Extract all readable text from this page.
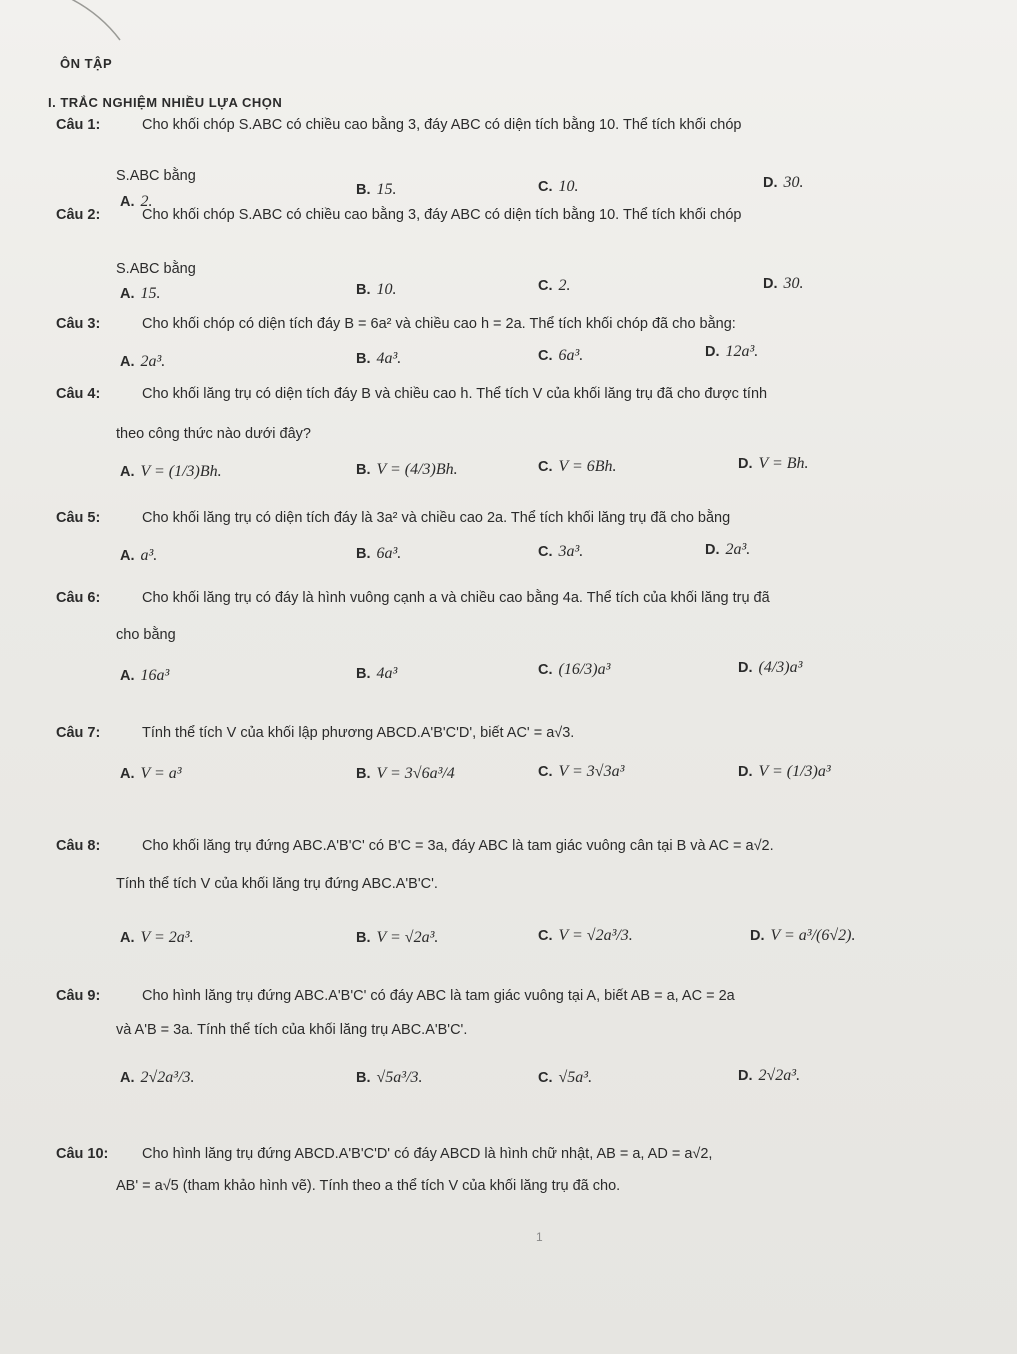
ÔN TẬP
I. TRẮC NGHIỆM NHIỀU LỰA CHỌN
Câu 1:	Cho khối chóp S.ABC có chiều cao bằng 3, đáy ABC có diện tích bằng 10. Thể tích khối chóp
S.ABC bằng
A. 2.
B. 15.	C. 10.	D. 30.
Câu 2:	Cho khối chóp S.ABC có chiều cao bằng 3, đáy ABC có diện tích bằng 10. Thể tích khối chóp
S.ABC bằng
A. 15.	B. 10.	C. 2.	D. 30.
Câu 3:	Cho khối chóp có diện tích đáy B = 6a² và chiều cao h = 2a. Thể tích khối chóp đã cho bằng:
A. 2a³.	B. 4a³.	C. 6a³.	D. 12a³.
Câu 4:	Cho khối lăng trụ có diện tích đáy B và chiều cao h. Thể tích V của khối lăng trụ đã cho được tính
theo công thức nào dưới đây?
A. V = (1/3)Bh.	B. V = (4/3)Bh.	C. V = 6Bh.	D. V = Bh.
Câu 5:	Cho khối lăng trụ có diện tích đáy là 3a² và chiều cao 2a. Thể tích khối lăng trụ đã cho bằng
A. a³.	B. 6a³.	C. 3a³.	D. 2a³.
Câu 6:	Cho khối lăng trụ có đáy là hình vuông cạnh a và chiều cao bằng 4a. Thể tích của khối lăng trụ đã
cho bằng
A. 16a³	B. 4a³	C. (16/3)a³	D. (4/3)a³
Câu 7:	Tính thể tích V của khối lập phương ABCD.A'B'C'D', biết AC' = a√3.
A. V = a³	B. V = 3√6a³/4	C. V = 3√3a³	D. V = (1/3)a³
Câu 8:	Cho khối lăng trụ đứng ABC.A'B'C' có B'C = 3a, đáy ABC là tam giác vuông cân tại B và AC = a√2.
Tính thể tích V của khối lăng trụ đứng ABC.A'B'C'.
A. V = 2a³.	B. V = √2a³.	C. V = √2a³/3.	D. V = a³/(6√2).
Câu 9:	Cho hình lăng trụ đứng ABC.A'B'C' có đáy ABC là tam giác vuông tại A, biết AB = a, AC = 2a
và A'B = 3a. Tính thể tích của khối lăng trụ ABC.A'B'C'.
A. 2√2a³/3.	B. √5a³/3.	C. √5a³.	D. 2√2a³.
Câu 10: Cho hình lăng trụ đứng ABCD.A'B'C'D' có đáy ABCD là hình chữ nhật, AB = a, AD = a√2,
AB' = a√5 (tham khảo hình vẽ). Tính theo a thể tích V của khối lăng trụ đã cho.
1
